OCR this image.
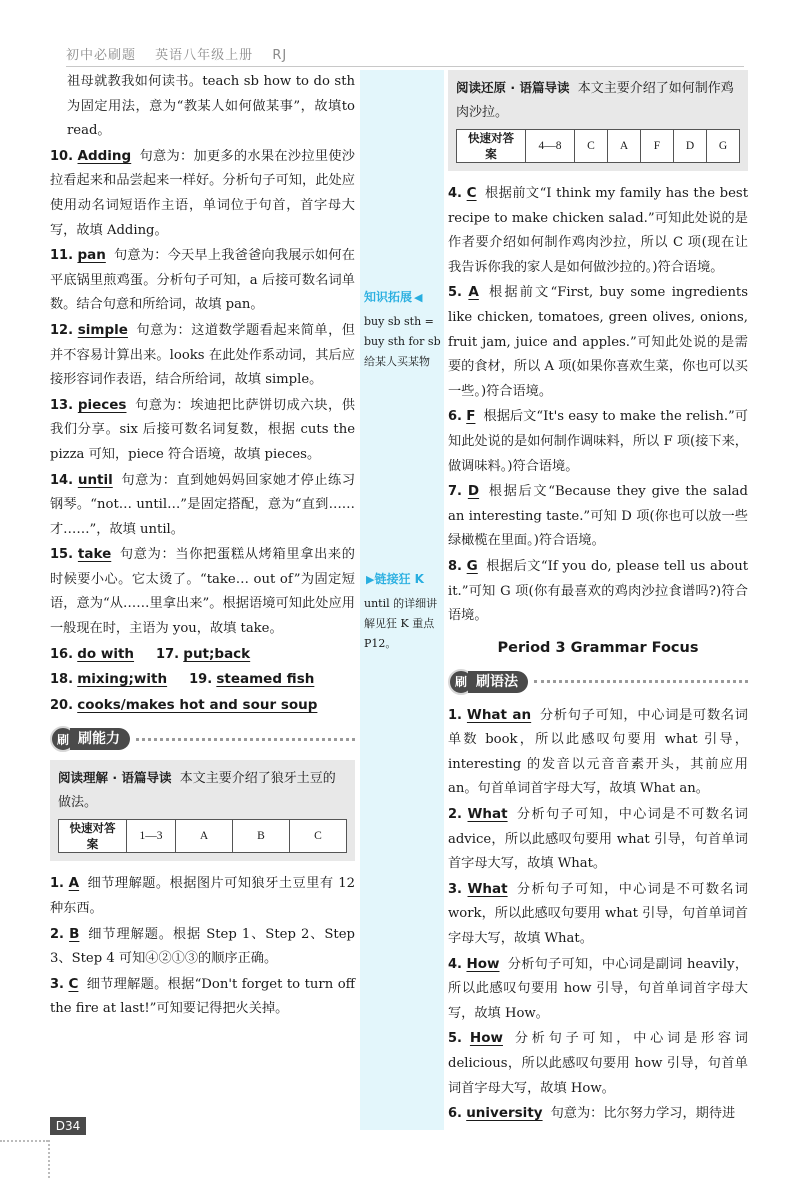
初中必刷题 英语八年级上册 RJ

祖母就教我如何读书。teach sb how to do sth为固定用法，意为“教某人如何做某事”，故填to read。

10. Adding 句意为：加更多的水果在沙拉里使沙拉看起来和品尝起来一样好。分析句子可知，此处应使用动名词短语作主语，单词位于句首，首字母大写，故填 Adding。

11. pan 句意为：今天早上我爸爸向我展示如何在平底锅里煎鸡蛋。分析句子可知，a 后接可数名词单数。结合句意和所给词，故填 pan。

12. simple 句意为：这道数学题看起来简单，但并不容易计算出来。looks 在此处作系动词，其后应接形容词作表语，结合所给词，故填 simple。

13. pieces 句意为：埃迪把比萨饼切成六块，供我们分享。six 后接可数名词复数，根据 cuts the pizza 可知，piece 符合语境，故填 pieces。

14. until 句意为：直到她妈妈回家她才停止练习钢琴。“not… until…”是固定搭配，意为“直到……才……”，故填 until。

15. take 句意为：当你把蛋糕从烤箱里拿出来的时候要小心。它太烫了。“take… out of”为固定短语，意为“从……里拿出来”。根据语境可知此处应用一般现在时，主语为 you，故填 take。

16. do with 17. put;back

18. mixing;with 19. steamed fish

20. cooks/makes hot and sour soup

刷 刷能力

阅读理解 · 语篇导读 本文主要介绍了狼牙土豆的做法。

快速对答案	1—3	A	B	C

1. A 细节理解题。根据图片可知狼牙土豆里有 12 种东西。

2. B 细节理解题。根据 Step 1、Step 2、Step 3、Step 4 可知④②①③的顺序正确。

3. C 细节理解题。根据“Don't forget to turn off the fire at last!”可知要记得把火关掉。

知识拓展 ◀
buy sb sth = buy sth for sb 给某人买某物
▶链接狂 K
until 的详细讲解见狂 K 重点 P12。

阅读还原 · 语篇导读 本文主要介绍了如何制作鸡肉沙拉。

快速对答案	4—8	C	A	F	D	G

4. C 根据前文“I think my family has the best recipe to make chicken salad.”可知此处说的是作者要介绍如何制作鸡肉沙拉，所以 C 项(现在让我告诉你我的家人是如何做沙拉的。)符合语境。

5. A 根据前文“First, buy some ingredients like chicken, tomatoes, green olives, onions, fruit jam, juice and apples.”可知此处说的是需要的食材，所以 A 项(如果你喜欢生菜，你也可以买一些。)符合语境。

6. F 根据后文“It's easy to make the relish.”可知此处说的是如何制作调味料，所以 F 项(接下来，做调味料。)符合语境。

7. D 根据后文“Because they give the salad an interesting taste.”可知 D 项(你也可以放一些绿橄榄在里面。)符合语境。

8. G 根据后文“If you do, please tell us about it.”可知 G 项(你有最喜欢的鸡肉沙拉食谱吗?)符合语境。

Period 3 Grammar Focus
刷 刷语法

1. What an 分析句子可知，中心词是可数名词单数 book，所以此感叹句要用 what 引导，interesting 的发音以元音音素开头，其前应用 an。句首单词首字母大写，故填 What an。

2. What 分析句子可知，中心词是不可数名词 advice，所以此感叹句要用 what 引导，句首单词首字母大写，故填 What。

3. What 分析句子可知，中心词是不可数名词 work，所以此感叹句要用 what 引导，句首单词首字母大写，故填 What。

4. How 分析句子可知，中心词是副词 heavily，所以此感叹句要用 how 引导，句首单词首字母大写，故填 How。

5. How 分析句子可知，中心词是形容词 delicious，所以此感叹句要用 how 引导，句首单词首字母大写，故填 How。

6. university 句意为：比尔努力学习，期待进

D34
